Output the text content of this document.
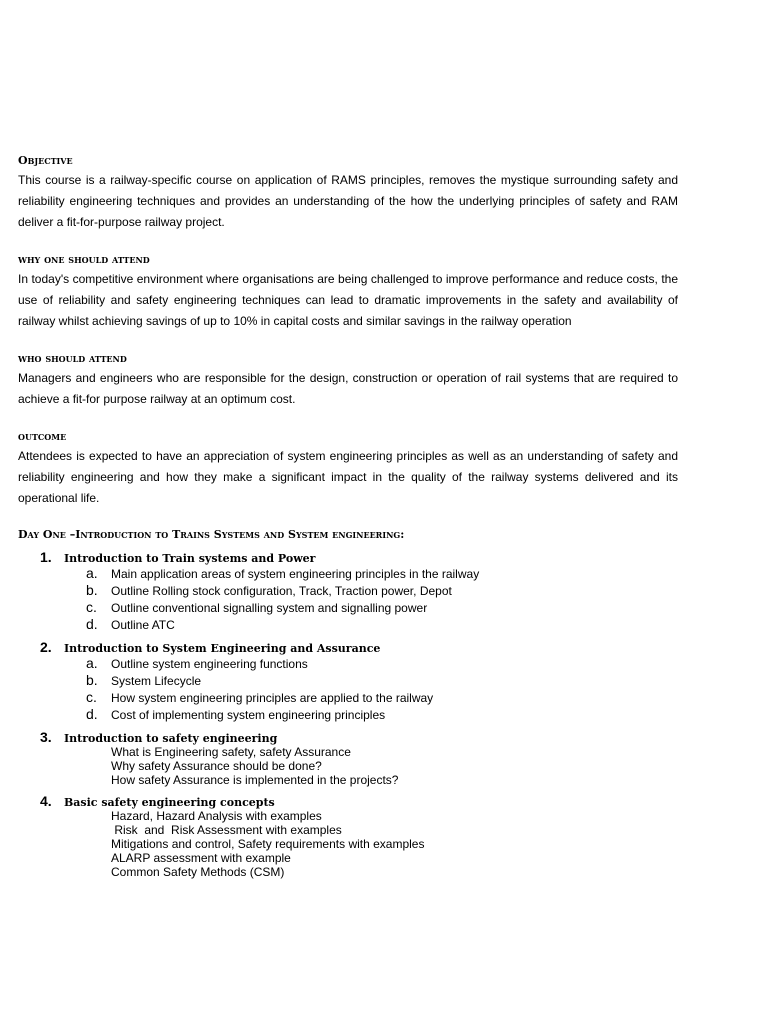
Objective

This course is a railway-specific course on application of RAMS principles, removes the mystique surrounding safety and reliability engineering techniques and provides an understanding of the how the underlying principles of safety and RAM deliver a fit-for-purpose railway project.

why one should attend

In today's competitive environment where organisations are being challenged to improve performance and reduce costs, the use of reliability and safety engineering techniques can lead to dramatic improvements in the safety and availability of railway whilst achieving savings of up to 10% in capital costs and similar savings in the railway operation

who should attend

Managers and engineers who are responsible for the design, construction or operation of rail systems that are required to achieve a fit-for purpose railway at an optimum cost.

outcome

Attendees is expected to have an appreciation of system engineering principles as well as an understanding of safety and reliability engineering and how they make a significant impact in the quality of the railway systems delivered and its operational life.

Day One –Introduction to Trains Systems and System engineering:
1.	Introduction to Train systems and Power
a.	Main application areas of system engineering principles in the railway
b.	Outline Rolling stock configuration, Track, Traction power, Depot
c.	Outline conventional signalling system and signalling power
d.	Outline ATC
2.	Introduction to System Engineering and Assurance
a.	Outline system engineering functions
b.	System Lifecycle
c.	How system engineering principles are applied to the railway
d.	Cost of implementing system engineering principles
3.	Introduction to safety engineering
What is Engineering safety, safety Assurance
Why safety Assurance should be done?
How safety Assurance is implemented in the projects?
4.	Basic safety engineering concepts
Hazard, Hazard Analysis with examples
Risk  and  Risk Assessment with examples
Mitigations and control, Safety requirements with examples
ALARP assessment with example
Common Safety Methods (CSM)
